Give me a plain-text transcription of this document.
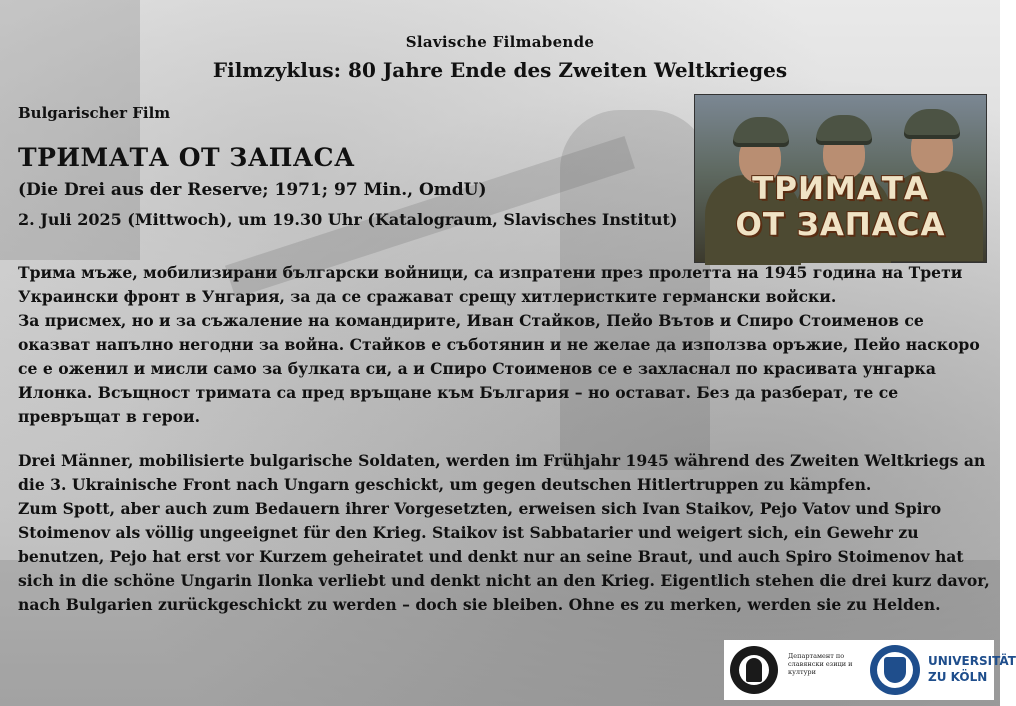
Slavische Filmabende
Filmzyklus: 80 Jahre Ende des Zweiten Weltkrieges
Bulgarischer Film
ТРИМАТА ОТ ЗАПАСА
(Die Drei aus der Reserve; 1971; 97 Min., OmdU)
2. Juli 2025 (Mittwoch), um 19.30 Uhr (Katalograum, Slavisches Institut)
ТРИМАТА
ОТ ЗАПАСА

Трима мъже, мобилизирани български войници, са изпратени през пролетта на 1945 година на Трети Украински фронт в Унгария, за да се сражават срещу хитлеристките германски войски.

За присмех, но и за съжаление на командирите, Иван Стайков, Пейо Вътов и Спиро Стоименов се оказват напълно негодни за война. Стайков е съботянин и не желае да използва оръжие, Пейо наскоро се е оженил и мисли само за булката си, а и Спиро Стоименов се е захласнал по красивата унгарка Илонка. Всъщност тримата са пред връщане към България – но остават. Без да разберат, те се превръщат в герои.

Drei Männer, mobilisierte bulgarische Soldaten, werden im Frühjahr 1945 während des Zweiten Weltkriegs an die 3. Ukrainische Front nach Ungarn geschickt, um gegen deutschen Hitlertruppen zu kämpfen.

Zum Spott, aber auch zum Bedauern ihrer Vorgesetzten, erweisen sich Ivan Staikov, Pejo Vatov und Spiro Stoimenov als völlig ungeeignet für den Krieg. Staikov ist Sabbatarier und weigert sich, ein Gewehr zu benutzen, Pejo hat erst vor Kurzem geheiratet und denkt nur an seine Braut, und auch Spiro Stoimenov hat sich in die schöne Ungarin Ilonka verliebt und denkt nicht an den Krieg. Eigentlich stehen die drei kurz davor, nach Bulgarien zurückgeschickt zu werden – doch sie bleiben. Ohne es zu merken, werden sie zu Helden.

Департамент по славянски езици и култури
UNIVERSITÄT
ZU KÖLN
